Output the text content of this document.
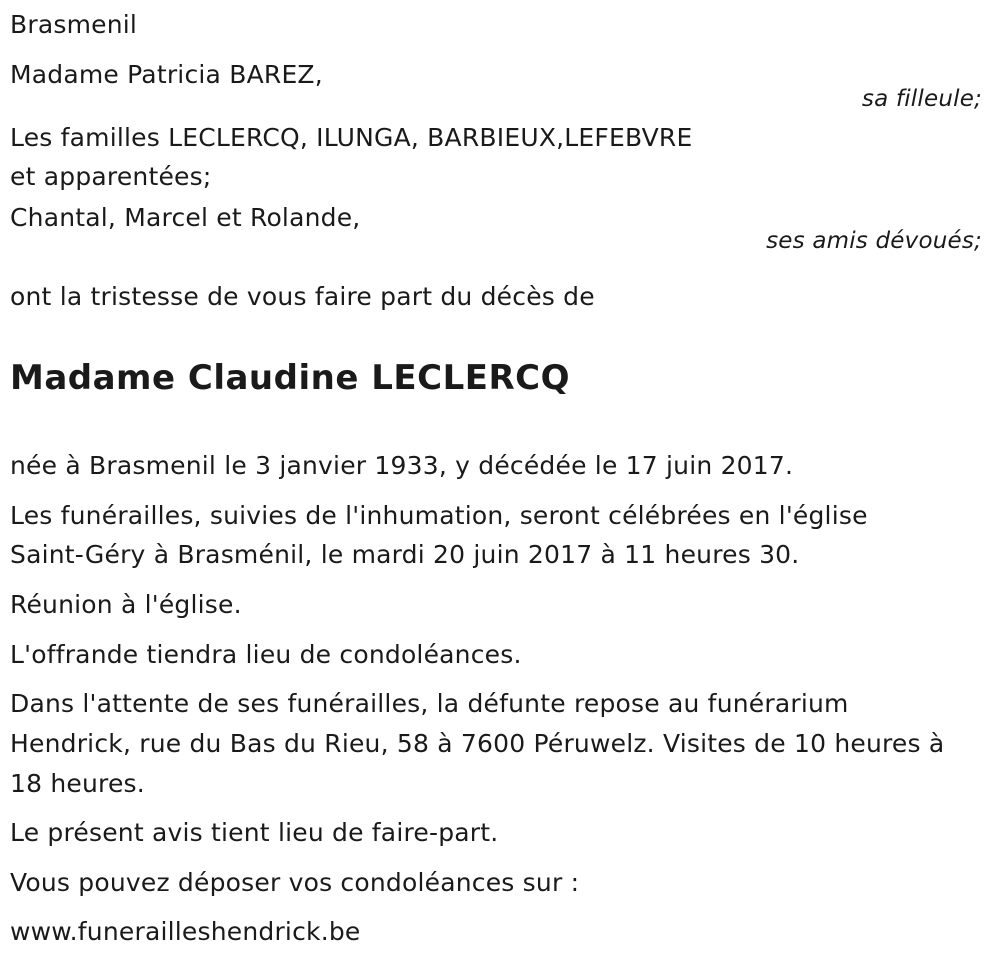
Brasmenil
Madame Patricia BAREZ,
sa filleule;
Les familles LECLERCQ, ILUNGA, BARBIEUX,LEFEBVRE
et apparentées;
Chantal, Marcel et Rolande,
ses amis dévoués;
ont la tristesse de vous faire part du décès de
Madame Claudine LECLERCQ
née à Brasmenil le 3 janvier 1933, y décédée le 17 juin 2017.
Les funérailles, suivies de l'inhumation, seront célébrées en l'église
Saint-Géry à Brasménil, le mardi 20 juin 2017 à 11 heures 30.
Réunion à l'église.
L'offrande tiendra lieu de condoléances.
Dans l'attente de ses funérailles, la défunte repose au funérarium
Hendrick, rue du Bas du Rieu, 58 à 7600 Péruwelz. Visites de 10 heures à
18 heures.
Le présent avis tient lieu de faire-part.
Vous pouvez déposer vos condoléances sur :
www.funerailleshendrick.be
